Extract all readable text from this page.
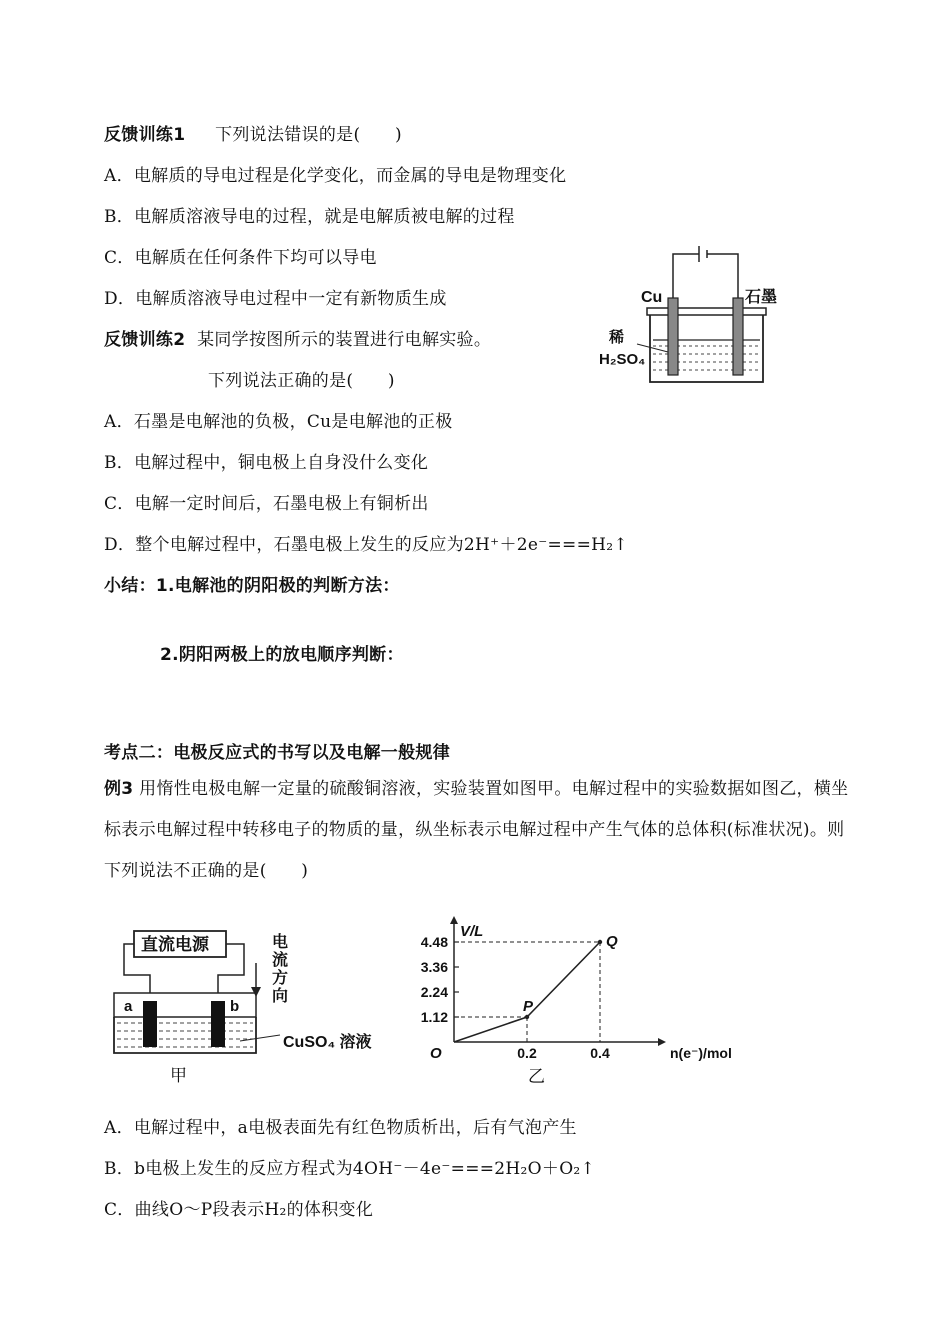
反馈训练1 下列说法错误的是(　　)
A．电解质的导电过程是化学变化，而金属的导电是物理变化
B．电解质溶液导电的过程，就是电解质被电解的过程
C．电解质在任何条件下均可以导电
D．电解质溶液导电过程中一定有新物质生成
反馈训练2 某同学按图所示的装置进行电解实验。
下列说法正确的是(　　)
A．石墨是电解池的负极，Cu是电解池的正极
B．电解过程中，铜电极上自身没什么变化
C．电解一定时间后，石墨电极上有铜析出
D．整个电解过程中，石墨电极上发生的反应为2H⁺＋2e⁻===H₂↑
Cu	石墨
稀
H₂SO₄
小结：1.电解池的阴阳极的判断方法：
2.阴阳两极上的放电顺序判断：
考点二：电极反应式的书写以及电解一般规律
例3 用惰性电极电解一定量的硫酸铜溶液，实验装置如图甲。电解过程中的实验数据如图乙，横坐标表示电解过程中转移电子的物质的量，纵坐标表示电解过程中产生气体的总体积(标准状况)。则下列说法不正确的是(　　)
直流电源
a	b
电
流
方
向
CuSO₄ 溶液
甲
V/L
n(e⁻)/mol
O
1.12
2.24
3.36
4.48
0.2	0.4
P
Q
乙
A．电解过程中，a电极表面先有红色物质析出，后有气泡产生
B．b电极上发生的反应方程式为4OH⁻－4e⁻===2H₂O＋O₂↑
C．曲线O～P段表示H₂的体积变化
